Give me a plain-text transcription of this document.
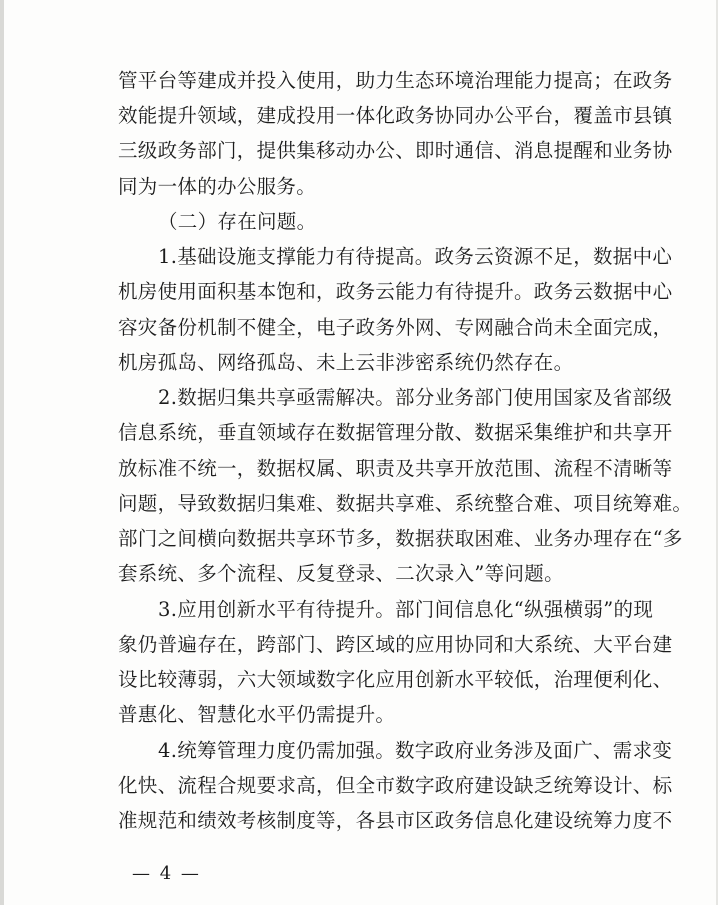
管平台等建成并投入使用，助力生态环境治理能力提高；在政务
效能提升领域，建成投用一体化政务协同办公平台，覆盖市县镇
三级政务部门，提供集移动办公、即时通信、消息提醒和业务协
同为一体的办公服务。
（二）存在问题。
1.基础设施支撑能力有待提高。政务云资源不足，数据中心
机房使用面积基本饱和，政务云能力有待提升。政务云数据中心
容灾备份机制不健全，电子政务外网、专网融合尚未全面完成，
机房孤岛、网络孤岛、未上云非涉密系统仍然存在。
2.数据归集共享亟需解决。部分业务部门使用国家及省部级
信息系统，垂直领域存在数据管理分散、数据采集维护和共享开
放标准不统一，数据权属、职责及共享开放范围、流程不清晰等
问题，导致数据归集难、数据共享难、系统整合难、项目统筹难。
部门之间横向数据共享环节多，数据获取困难、业务办理存在“多
套系统、多个流程、反复登录、二次录入”等问题。
3.应用创新水平有待提升。部门间信息化“纵强横弱”的现
象仍普遍存在，跨部门、跨区域的应用协同和大系统、大平台建
设比较薄弱，六大领域数字化应用创新水平较低，治理便利化、
普惠化、智慧化水平仍需提升。
4.统筹管理力度仍需加强。数字政府业务涉及面广、需求变
化快、流程合规要求高，但全市数字政府建设缺乏统筹设计、标
准规范和绩效考核制度等，各县市区政务信息化建设统筹力度不
— 4 —
